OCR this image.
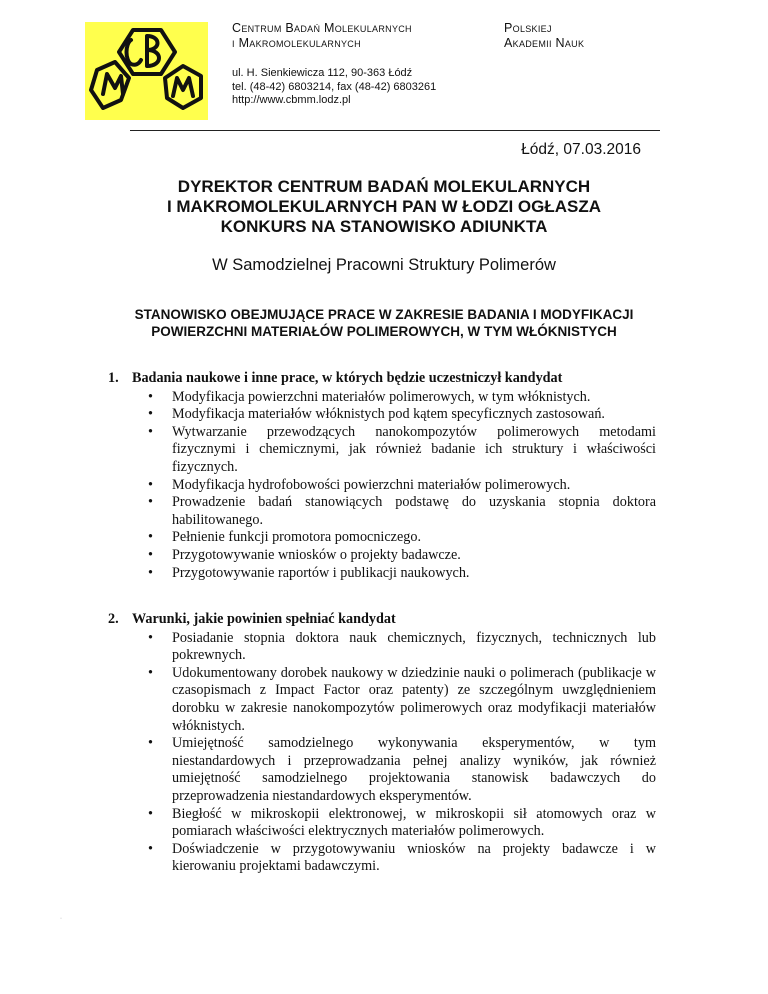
Centrum Badań Molekularnych
i Makromolekularnych
Polskiej
Akademii Nauk
ul. H. Sienkiewicza 112, 90-363 Łódź
tel. (48-42) 6803214, fax (48-42) 6803261
http://www.cbmm.lodz.pl
Łódź, 07.03.2016
DYREKTOR CENTRUM BADAŃ MOLEKULARNYCH
I MAKROMOLEKULARNYCH PAN W ŁODZI OGŁASZA
KONKURS NA STANOWISKO ADIUNKTA
W Samodzielnej Pracowni Struktury Polimerów
STANOWISKO OBEJMUJĄCE PRACE W ZAKRESIE BADANIA I MODYFIKACJI
POWIERZCHNI MATERIAŁÓW POLIMEROWYCH, W TYM WŁÓKNISTYCH
1. Badania naukowe i inne prace, w których będzie uczestniczył kandydat
• Modyfikacja powierzchni materiałów polimerowych, w tym włóknistych.
• Modyfikacja materiałów włóknistych pod kątem specyficznych zastosowań.
• Wytwarzanie przewodzących nanokompozytów polimerowych metodami fizycznymi i chemicznymi, jak również badanie ich struktury i właściwości fizycznych.
• Modyfikacja hydrofobowości powierzchni materiałów polimerowych.
• Prowadzenie badań stanowiących podstawę do uzyskania stopnia doktora habilitowanego.
• Pełnienie funkcji promotora pomocniczego.
• Przygotowywanie wniosków o projekty badawcze.
• Przygotowywanie raportów i publikacji naukowych.
2. Warunki, jakie powinien spełniać kandydat
• Posiadanie stopnia doktora nauk chemicznych, fizycznych, technicznych lub pokrewnych.
• Udokumentowany dorobek naukowy w dziedzinie nauki o polimerach (publikacje w czasopismach z Impact Factor oraz patenty) ze szczególnym uwzględnieniem dorobku w zakresie nanokompozytów polimerowych oraz modyfikacji materiałów włóknistych.
• Umiejętność samodzielnego wykonywania eksperymentów, w tym niestandardowych i przeprowadzania pełnej analizy wyników, jak również umiejętność samodzielnego projektowania stanowisk badawczych do przeprowadzenia niestandardowych eksperymentów.
• Biegłość w mikroskopii elektronowej, w mikroskopii sił atomowych oraz w pomiarach właściwości elektrycznych materiałów polimerowych.
• Doświadczenie w przygotowywaniu wniosków na projekty badawcze i w kierowaniu projektami badawczymi.
·
